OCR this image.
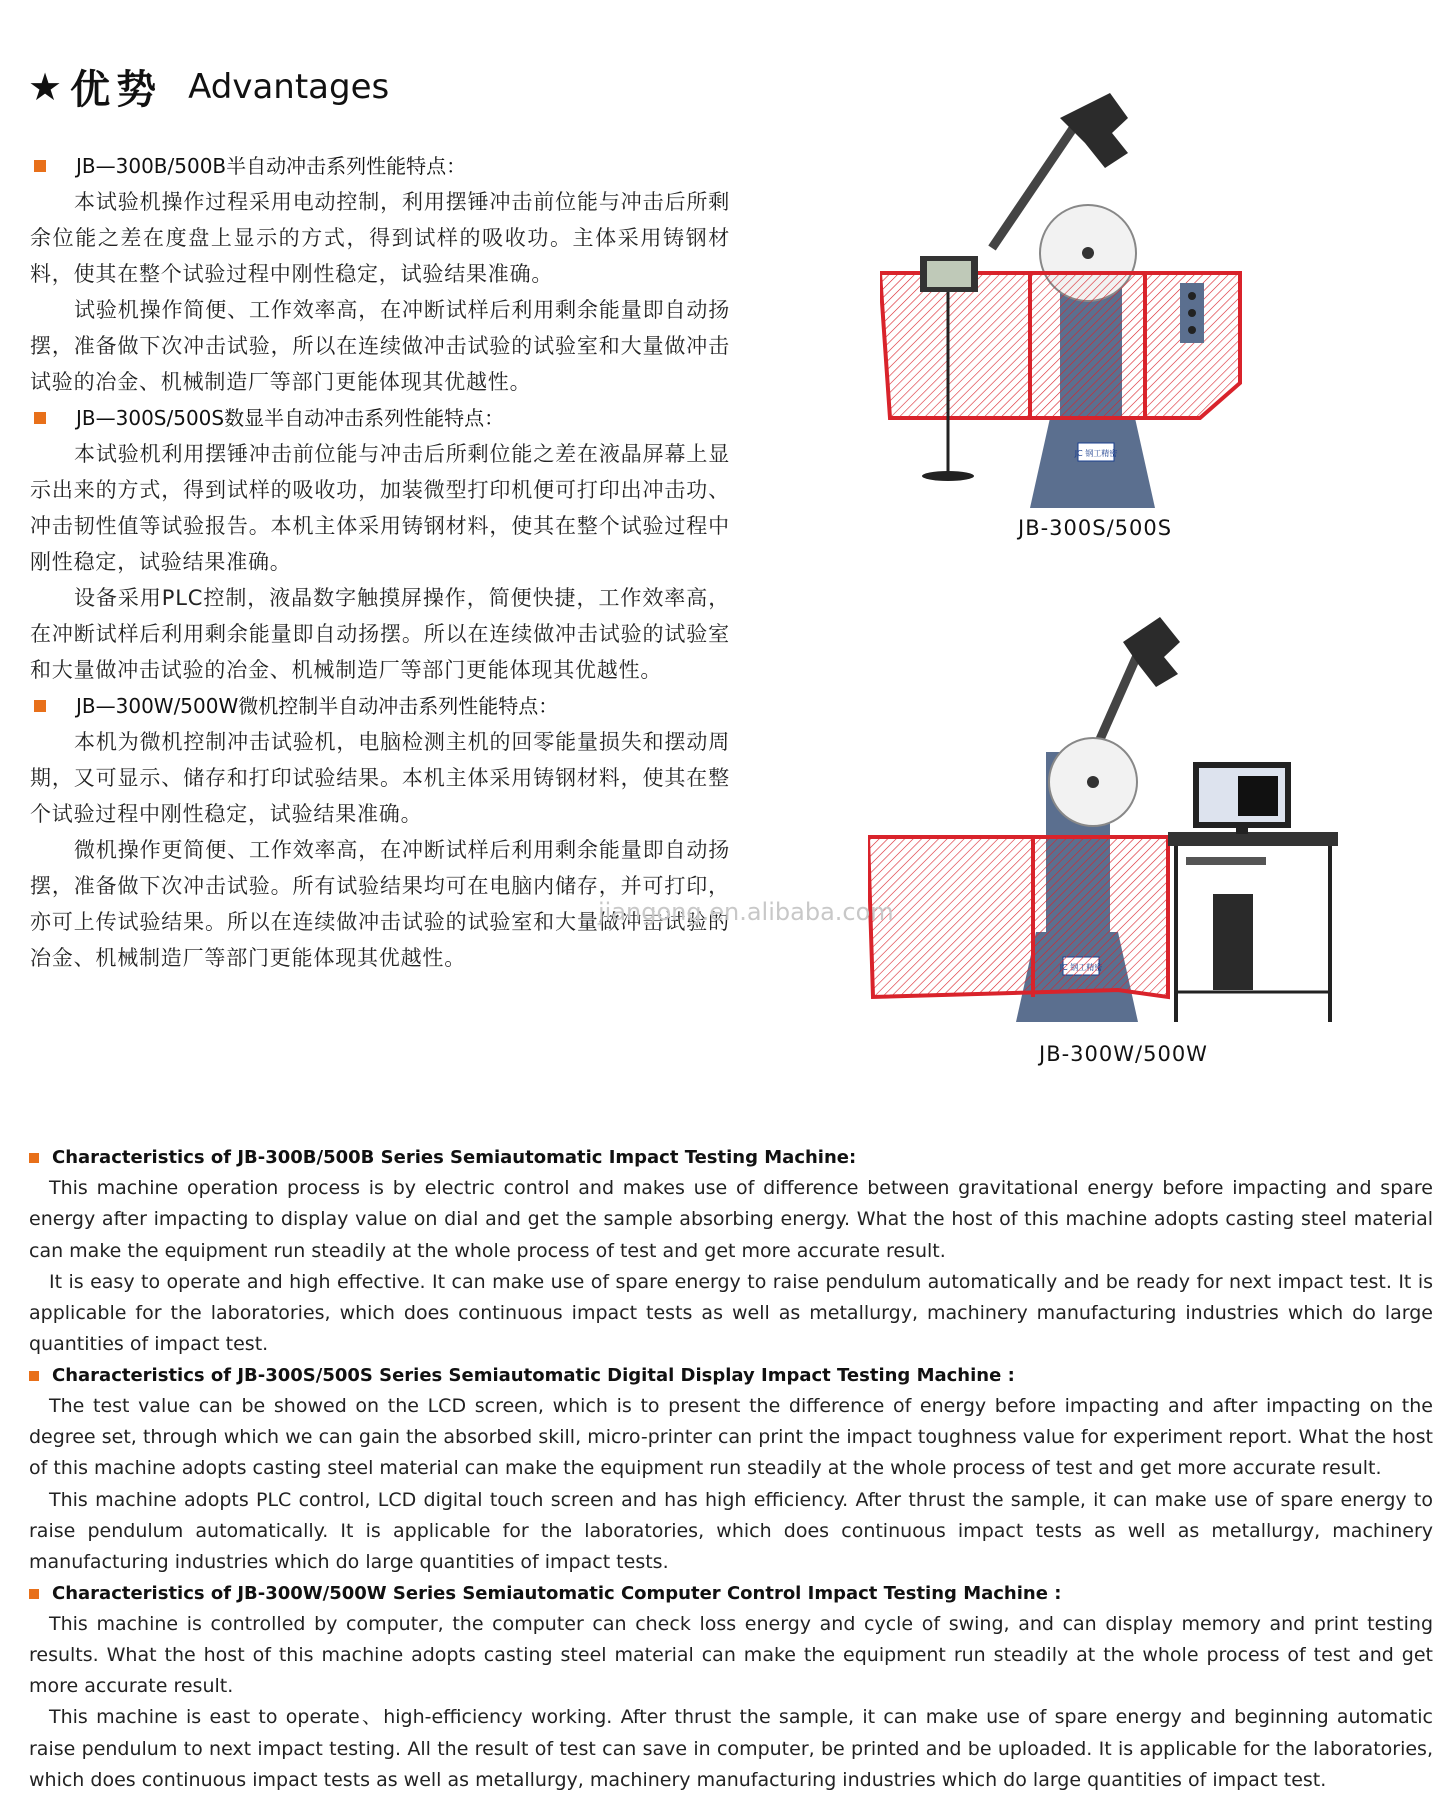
★ 优势 Advantages
JB—300B/500B半自动冲击系列性能特点：

本试验机操作过程采用电动控制，利用摆锤冲击前位能与冲击后所剩余位能之差在度盘上显示的方式，得到试样的吸收功。主体采用铸钢材料，使其在整个试验过程中刚性稳定，试验结果准确。

试验机操作简便、工作效率高，在冲断试样后利用剩余能量即自动扬摆，准备做下次冲击试验，所以在连续做冲击试验的试验室和大量做冲击试验的冶金、机械制造厂等部门更能体现其优越性。

JB—300S/500S数显半自动冲击系列性能特点：

本试验机利用摆锤冲击前位能与冲击后所剩位能之差在液晶屏幕上显示出来的方式，得到试样的吸收功，加装微型打印机便可打印出冲击功、冲击韧性值等试验报告。本机主体采用铸钢材料，使其在整个试验过程中刚性稳定，试验结果准确。

设备采用PLC控制，液晶数字触摸屏操作，简便快捷，工作效率高，在冲断试样后利用剩余能量即自动扬摆。所以在连续做冲击试验的试验室和大量做冲击试验的冶金、机械制造厂等部门更能体现其优越性。

JB—300W/500W微机控制半自动冲击系列性能特点：

本机为微机控制冲击试验机，电脑检测主机的回零能量损失和摆动周期，又可显示、储存和打印试验结果。本机主体采用铸钢材料，使其在整个试验过程中刚性稳定，试验结果准确。

微机操作更简便、工作效率高，在冲断试样后利用剩余能量即自动扬摆，准备做下次冲击试验。所有试验结果均可在电脑内储存，并可打印，亦可上传试验结果。所以在连续做冲击试验的试验室和大量做冲击试验的冶金、机械制造厂等部门更能体现其优越性。

JC 钢工精密
JB-300S/500S
JB-300W/500W
jiangong.en.alibaba.com
Characteristics of JB-300B/500B Series Semiautomatic Impact Testing Machine:

This machine operation process is by electric control and makes use of difference between gravitational energy before impacting and spare energy after impacting to display value on dial and get the sample absorbing energy. What the host of this machine adopts casting steel material can make the equipment run steadily at the whole process of test and get more accurate result.

It is easy to operate and high effective. It can make use of spare energy to raise pendulum automatically and be ready for next impact test. It is applicable for the laboratories, which does continuous impact tests as well as metallurgy, machinery manufacturing industries which do large quantities of impact test.

Characteristics of JB-300S/500S Series Semiautomatic Digital Display Impact Testing Machine :

The test value can be showed on the LCD screen, which is to present the difference of energy before impacting and after impacting on the degree set, through which we can gain the absorbed skill, micro-printer can print the impact toughness value for experiment report. What the host of this machine adopts casting steel material can make the equipment run steadily at the whole process of test and get more accurate result.

This machine adopts PLC control, LCD digital touch screen and has high efficiency. After thrust the sample, it can make use of spare energy to raise pendulum automatically. It is applicable for the laboratories, which does continuous impact tests as well as metallurgy, machinery manufacturing industries which do large quantities of impact tests.

Characteristics of JB-300W/500W Series Semiautomatic Computer Control Impact Testing Machine :

This machine is controlled by computer, the computer can check loss energy and cycle of swing, and can display memory and print testing results. What the host of this machine adopts casting steel material can make the equipment run steadily at the whole process of test and get more accurate result.

This machine is east to operate、high-efficiency working. After thrust the sample, it can make use of spare energy and beginning automatic raise pendulum to next impact testing. All the result of test can save in computer, be printed and be uploaded. It is applicable for the laboratories, which does continuous impact tests as well as metallurgy, machinery manufacturing industries which do large quantities of impact test.
